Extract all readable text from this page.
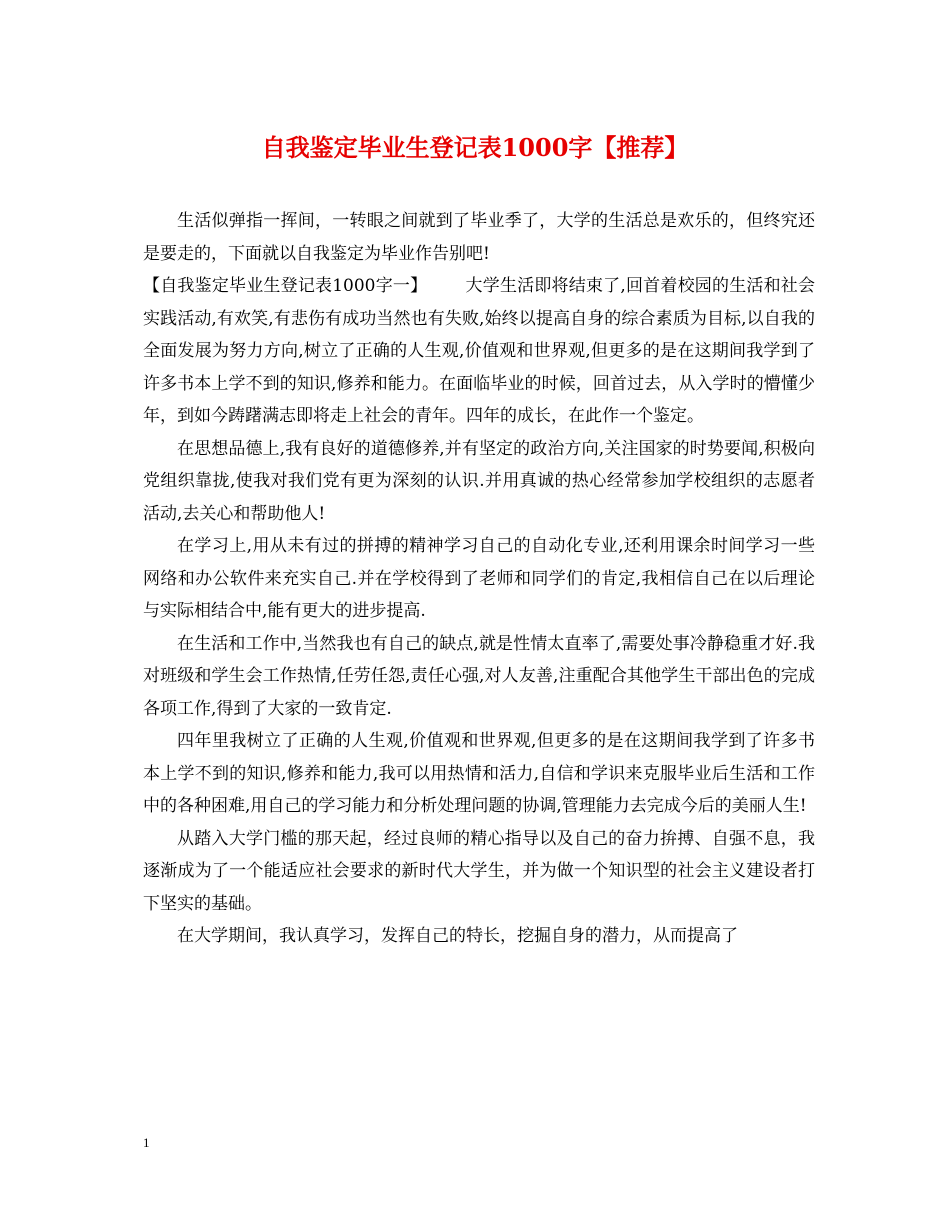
自我鉴定毕业生登记表1000字【推荐】

生活似弹指一挥间，一转眼之间就到了毕业季了，大学的生活总是欢乐的，但终究还是要走的，下面就以自我鉴定为毕业作告别吧!

【自我鉴定毕业生登记表1000字一】 大学生活即将结束了,回首着校园的生活和社会实践活动,有欢笑,有悲伤有成功当然也有失败,始终以提高自身的综合素质为目标,以自我的全面发展为努力方向,树立了正确的人生观,价值观和世界观,但更多的是在这期间我学到了许多书本上学不到的知识,修养和能力。在面临毕业的时候，回首过去，从入学时的懵懂少年，到如今踌躇满志即将走上社会的青年。四年的成长，在此作一个鉴定。

在思想品德上,我有良好的道德修养,并有坚定的政治方向,关注国家的时势要闻,积极向党组织靠拢,使我对我们党有更为深刻的认识.并用真诚的热心经常参加学校组织的志愿者活动,去关心和帮助他人!

在学习上,用从未有过的拼搏的精神学习自己的自动化专业,还利用课余时间学习一些网络和办公软件来充实自己.并在学校得到了老师和同学们的肯定,我相信自己在以后理论与实际相结合中,能有更大的进步提高.

在生活和工作中,当然我也有自己的缺点,就是性情太直率了,需要处事冷静稳重才好.我对班级和学生会工作热情,任劳任怨,责任心强,对人友善,注重配合其他学生干部出色的完成各项工作,得到了大家的一致肯定.

四年里我树立了正确的人生观,价值观和世界观,但更多的是在这期间我学到了许多书本上学不到的知识,修养和能力,我可以用热情和活力,自信和学识来克服毕业后生活和工作中的各种困难,用自己的学习能力和分析处理问题的协调,管理能力去完成今后的美丽人生!

从踏入大学门槛的那天起，经过良师的精心指导以及自己的奋力拚搏、自强不息，我逐渐成为了一个能适应社会要求的新时代大学生，并为做一个知识型的社会主义建设者打下坚实的基础。

在大学期间，我认真学习，发挥自己的特长，挖掘自身的潜力，从而提高了

1
